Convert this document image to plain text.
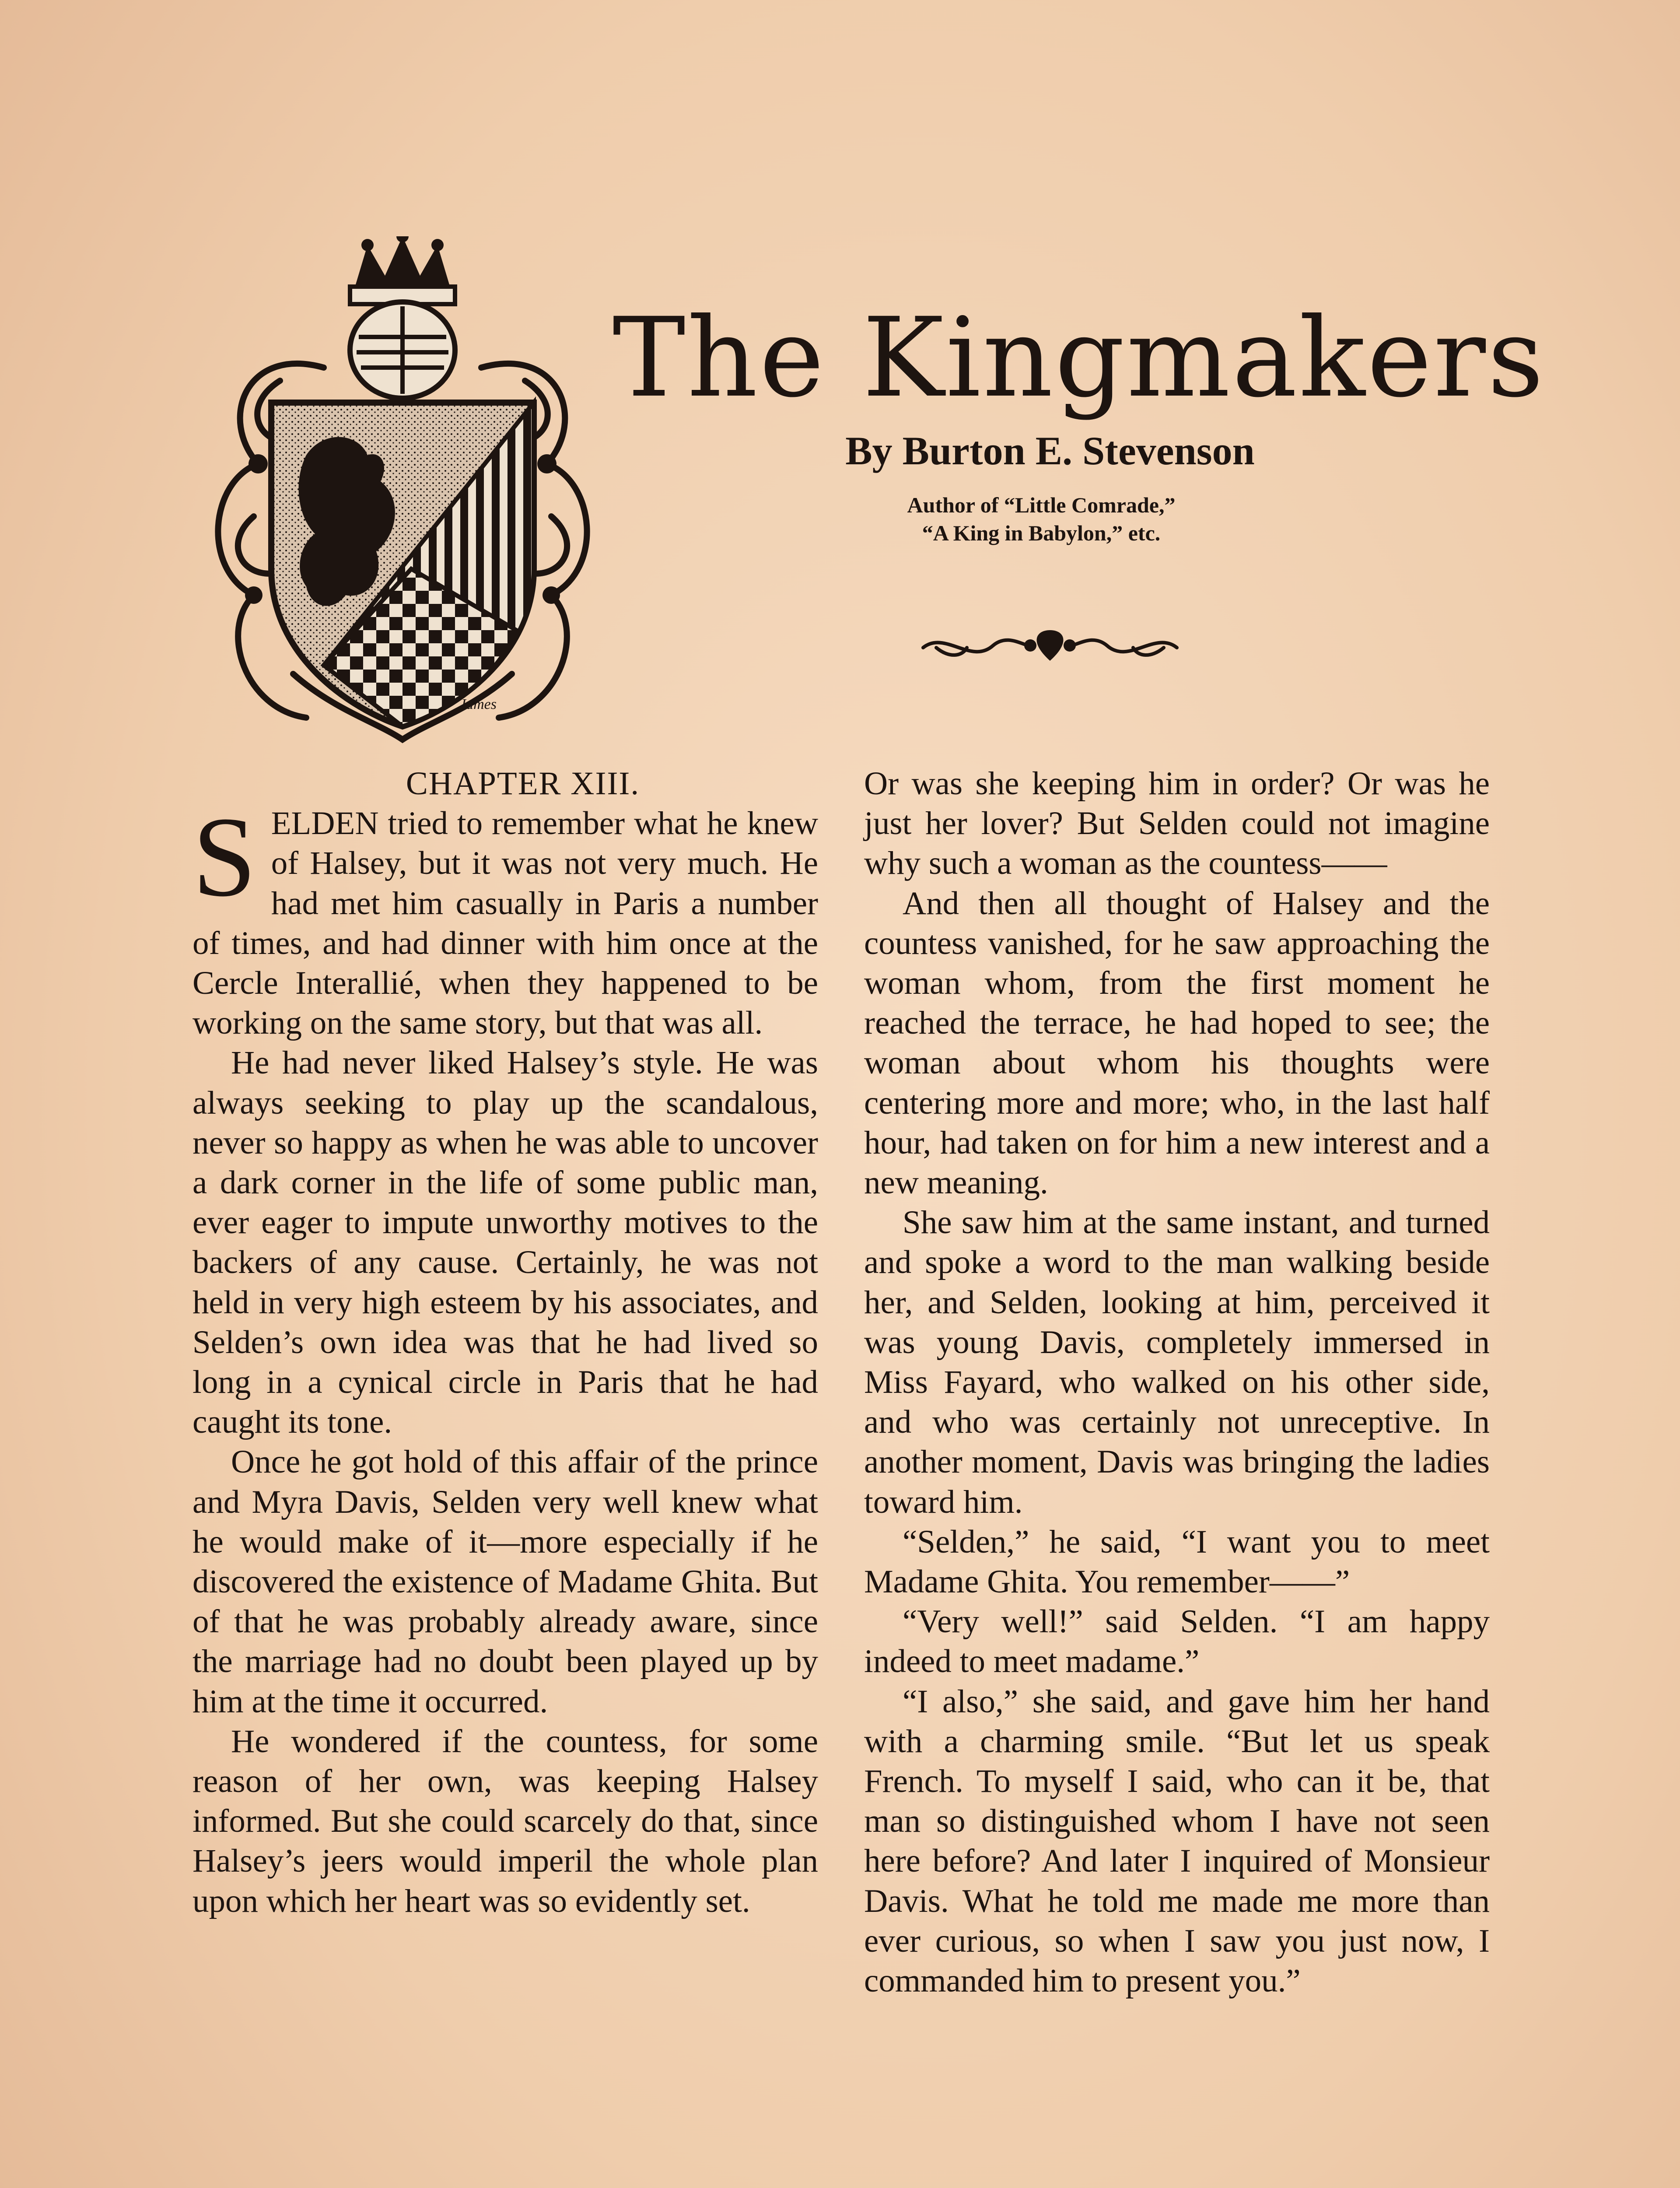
James
The Kingmakers
By Burton E. Stevenson
Author of “Little Comrade,”
“A King in Babylon,” etc.
CHAPTER XIII.

SELDEN tried to remember what he knew of Halsey, but it was not very much. He had met him casually in Paris a number of times, and had dinner with him once at the Cercle Interallié, when they happened to be working on the same story, but that was all.

He had never liked Halsey’s style. He was always seeking to play up the scandalous, never so happy as when he was able to uncover a dark corner in the life of some public man, ever eager to impute unworthy motives to the backers of any cause. Certainly, he was not held in very high esteem by his associates, and Selden’s own idea was that he had lived so long in a cynical circle in Paris that he had caught its tone.

Once he got hold of this affair of the prince and Myra Davis, Selden very well knew what he would make of it—more especially if he discovered the existence of Madame Ghita. But of that he was probably already aware, since the marriage had no doubt been played up by him at the time it occurred.

He wondered if the countess, for some reason of her own, was keeping Halsey informed. But she could scarcely do that, since Halsey’s jeers would imperil the whole plan upon which her heart was so evidently set.

Or was she keeping him in order? Or was he just her lover? But Selden could not imagine why such a woman as the countess——

And then all thought of Halsey and the countess vanished, for he saw approaching the woman whom, from the first moment he reached the terrace, he had hoped to see; the woman about whom his thoughts were centering more and more; who, in the last half hour, had taken on for him a new interest and a new meaning.

She saw him at the same instant, and turned and spoke a word to the man walking beside her, and Selden, looking at him, perceived it was young Davis, completely immersed in Miss Fayard, who walked on his other side, and who was certainly not unreceptive. In another moment, Davis was bringing the ladies toward him.

“Selden,” he said, “I want you to meet Madame Ghita. You remember——”

“Very well!” said Selden. “I am happy indeed to meet madame.”

“I also,” she said, and gave him her hand with a charming smile. “But let us speak French. To myself I said, who can it be, that man so distinguished whom I have not seen here before? And later I inquired of Monsieur Davis. What he told me made me more than ever curious, so when I saw you just now, I commanded him to present you.”
